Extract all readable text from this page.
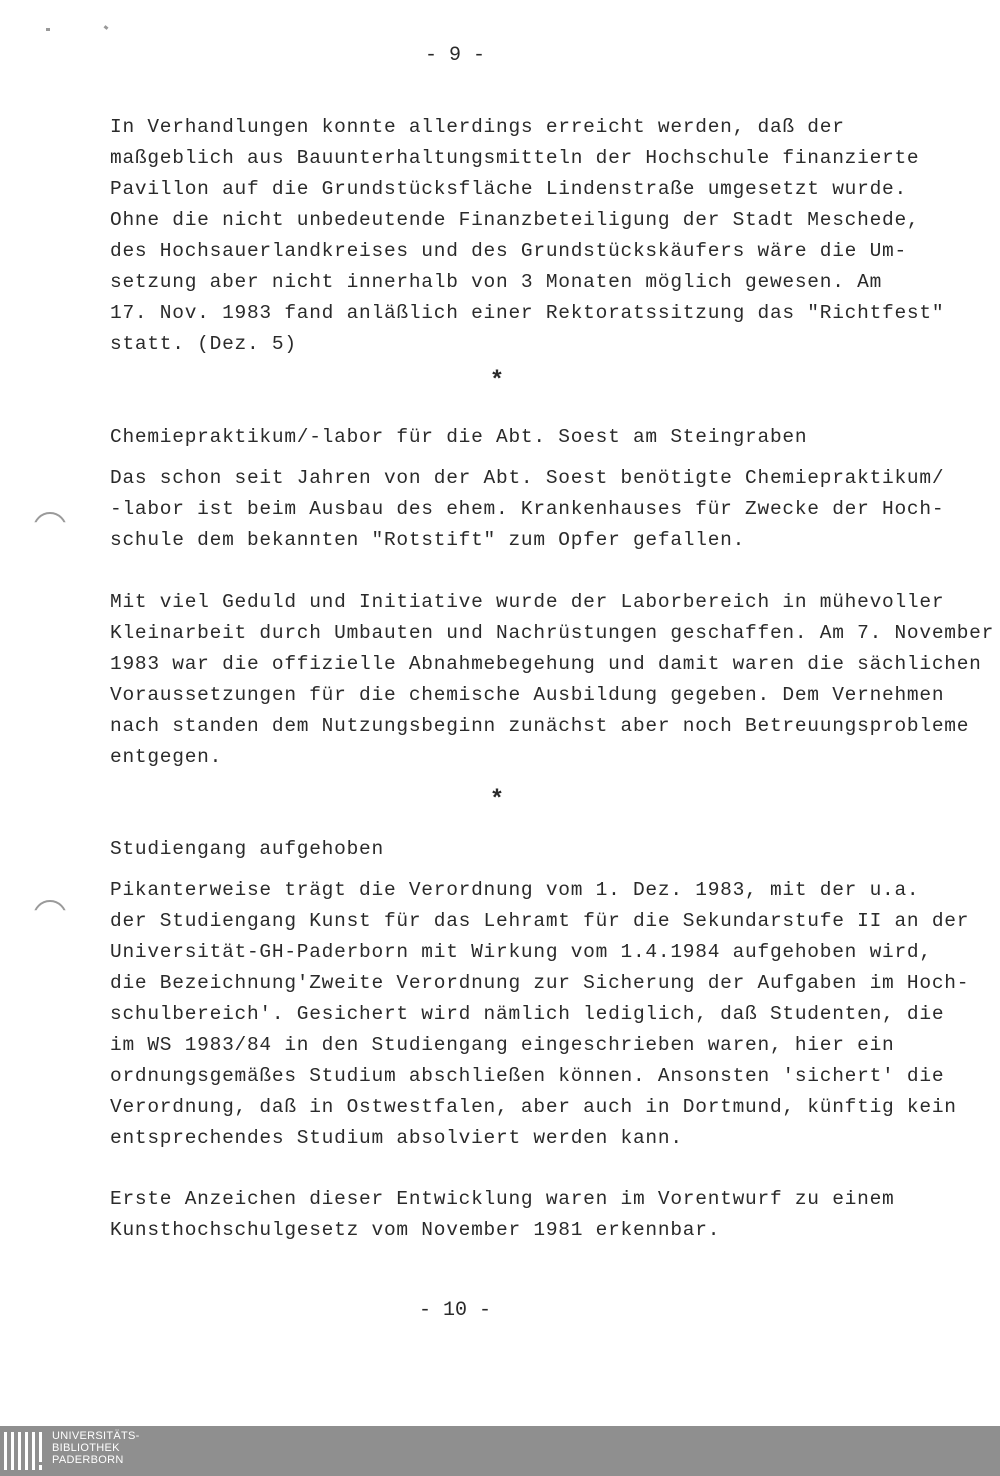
- 9 -
In Verhandlungen konnte allerdings erreicht werden, daß der
maßgeblich aus Bauunterhaltungsmitteln der Hochschule finanzierte
Pavillon auf die Grundstücksfläche Lindenstraße umgesetzt wurde.
Ohne die nicht unbedeutende Finanzbeteiligung der Stadt Meschede,
des Hochsauerlandkreises und des Grundstückskäufers wäre die Um-
setzung aber nicht innerhalb von 3 Monaten möglich gewesen. Am
17. Nov. 1983 fand anläßlich einer Rektoratssitzung das "Richtfest"
statt. (Dez. 5)
*
Chemiepraktikum/-labor für die Abt. Soest am Steingraben
Das schon seit Jahren von der Abt. Soest benötigte Chemiepraktikum/
-labor ist beim Ausbau des ehem. Krankenhauses für Zwecke der Hoch-
schule dem bekannten "Rotstift" zum Opfer gefallen.
Mit viel Geduld und Initiative wurde der Laborbereich in mühevoller
Kleinarbeit durch Umbauten und Nachrüstungen geschaffen. Am 7. November
1983 war die offizielle Abnahmebegehung und damit waren die sächlichen
Voraussetzungen für die chemische Ausbildung gegeben. Dem Vernehmen
nach standen dem Nutzungsbeginn zunächst aber noch Betreuungsprobleme
entgegen.
*
Studiengang aufgehoben
Pikanterweise trägt die Verordnung vom 1. Dez. 1983, mit der u.a.
der Studiengang Kunst für das Lehramt für die Sekundarstufe II an der
Universität-GH-Paderborn mit Wirkung vom 1.4.1984 aufgehoben wird,
die Bezeichnung'Zweite Verordnung zur Sicherung der Aufgaben im Hoch-
schulbereich'. Gesichert wird nämlich lediglich, daß Studenten, die
im WS 1983/84 in den Studiengang eingeschrieben waren, hier ein
ordnungsgemäßes Studium abschließen können. Ansonsten 'sichert' die
Verordnung, daß in Ostwestfalen, aber auch in Dortmund, künftig kein
entsprechendes Studium absolviert werden kann.
Erste Anzeichen dieser Entwicklung waren im Vorentwurf zu einem
Kunsthochschulgesetz vom November 1981 erkennbar.
- 10 -
UNIVERSITÄTS-
BIBLIOTHEK
PADERBORN
